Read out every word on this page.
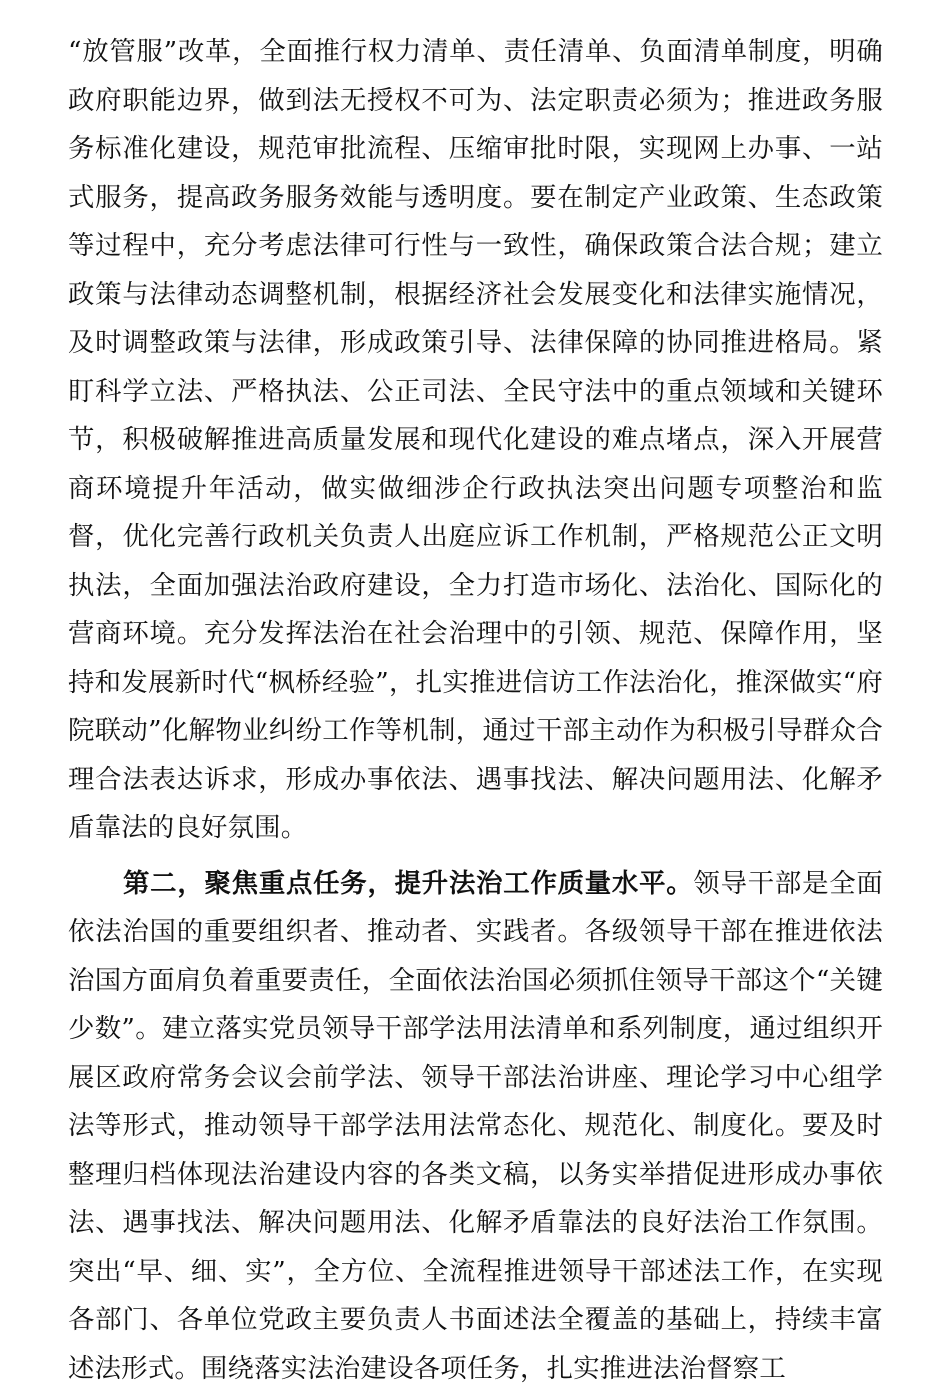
“放管服”改革，全面推行权力清单、责任清单、负面清单制度，明确政府职能边界，做到法无授权不可为、法定职责必须为；推进政务服务标准化建设，规范审批流程、压缩审批时限，实现网上办事、一站式服务，提高政务服务效能与透明度。要在制定产业政策、生态政策等过程中，充分考虑法律可行性与一致性，确保政策合法合规；建立政策与法律动态调整机制，根据经济社会发展变化和法律实施情况，及时调整政策与法律，形成政策引导、法律保障的协同推进格局。紧盯科学立法、严格执法、公正司法、全民守法中的重点领域和关键环节，积极破解推进高质量发展和现代化建设的难点堵点，深入开展营商环境提升年活动，做实做细涉企行政执法突出问题专项整治和监督，优化完善行政机关负责人出庭应诉工作机制，严格规范公正文明执法，全面加强法治政府建设，全力打造市场化、法治化、国际化的营商环境。充分发挥法治在社会治理中的引领、规范、保障作用，坚持和发展新时代“枫桥经验”，扎实推进信访工作法治化，推深做实“府院联动”化解物业纠纷工作等机制，通过干部主动作为积极引导群众合理合法表达诉求，形成办事依法、遇事找法、解决问题用法、化解矛盾靠法的良好氛围。

第二，聚焦重点任务，提升法治工作质量水平。领导干部是全面依法治国的重要组织者、推动者、实践者。各级领导干部在推进依法治国方面肩负着重要责任，全面依法治国必须抓住领导干部这个“关键少数”。建立落实党员领导干部学法用法清单和系列制度，通过组织开展区政府常务会议会前学法、领导干部法治讲座、理论学习中心组学法等形式，推动领导干部学法用法常态化、规范化、制度化。要及时整理归档体现法治建设内容的各类文稿，以务实举措促进形成办事依法、遇事找法、解决问题用法、化解矛盾靠法的良好法治工作氛围。突出“早、细、实”，全方位、全流程推进领导干部述法工作，在实现各部门、各单位党政主要负责人书面述法全覆盖的基础上，持续丰富述法形式。围绕落实法治建设各项任务，扎实推进法治督察工
